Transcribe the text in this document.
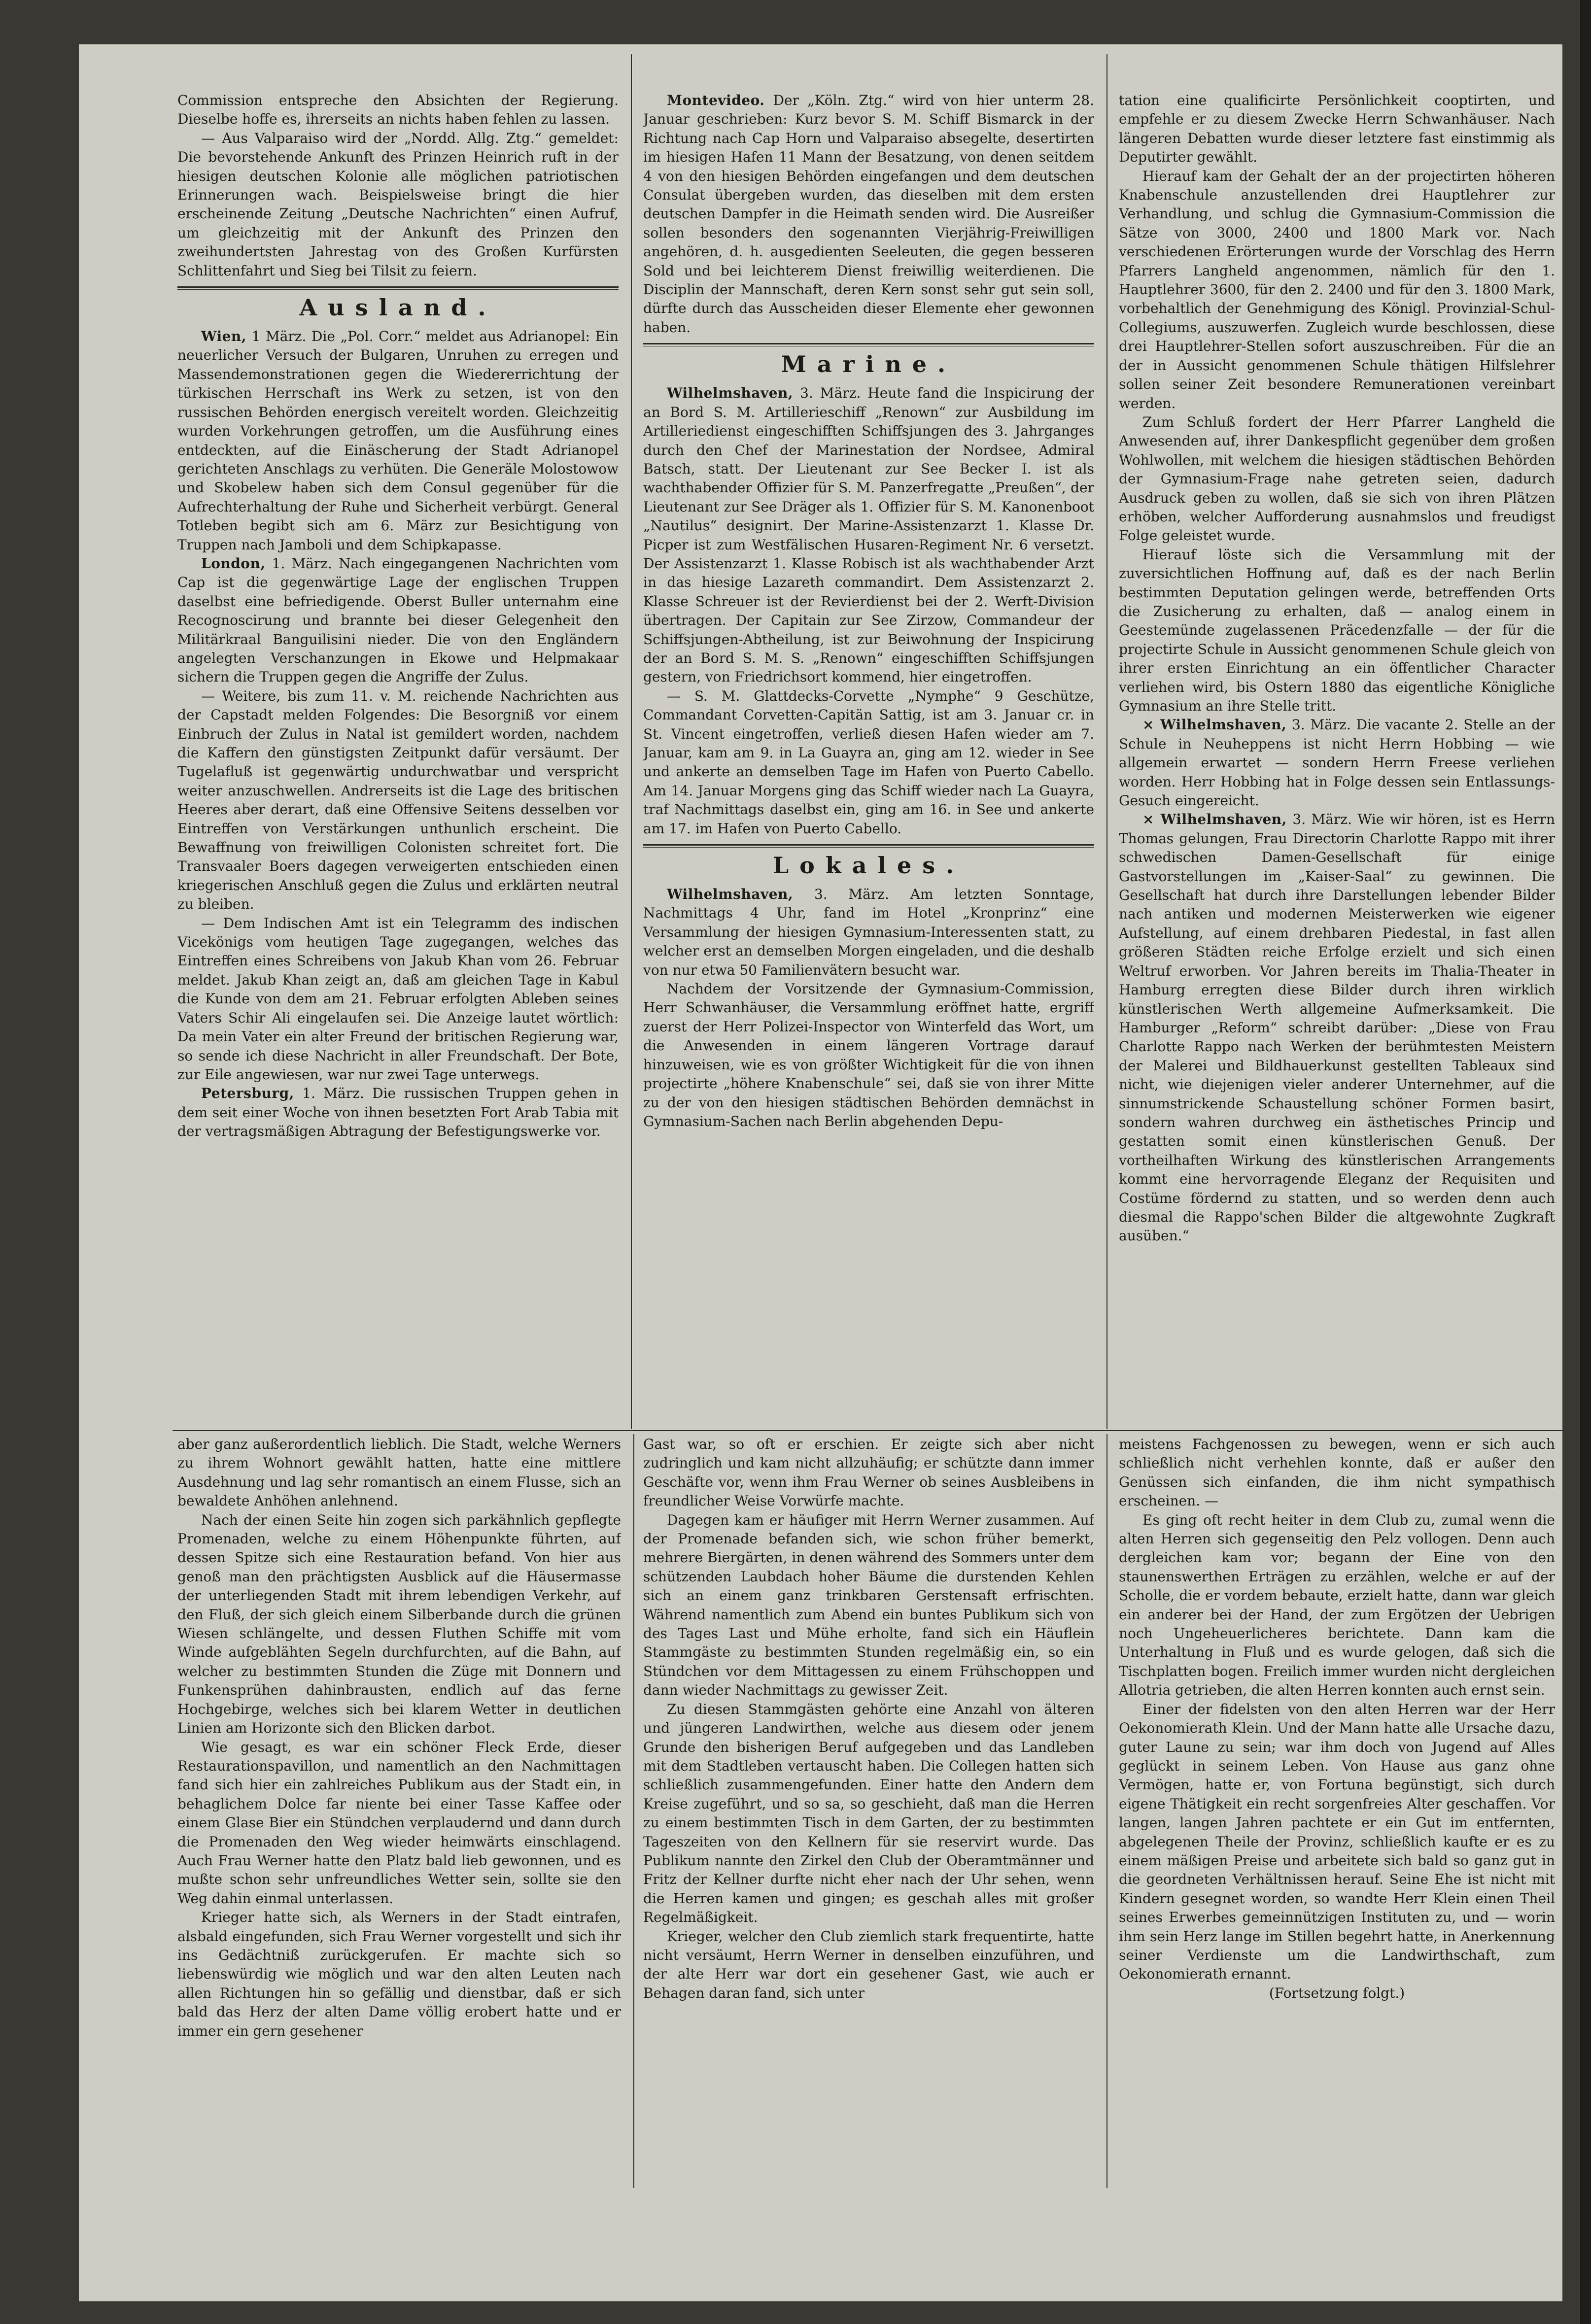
Commission entspreche den Absichten der Regierung. Dieselbe hoffe es, ihrerseits an nichts haben fehlen zu lassen.

— Aus Valparaiso wird der „Nordd. Allg. Ztg.“ gemeldet: Die bevorstehende Ankunft des Prinzen Heinrich ruft in der hiesigen deutschen Kolonie alle möglichen patriotischen Erinnerungen wach. Beispielsweise bringt die hier erscheinende Zeitung „Deutsche Nachrichten“ einen Aufruf, um gleichzeitig mit der Ankunft des Prinzen den zweihundertsten Jahrestag von des Großen Kurfürsten Schlittenfahrt und Sieg bei Tilsit zu feiern.

Ausland.

Wien, 1 März. Die „Pol. Corr.“ meldet aus Adrianopel: Ein neuerlicher Versuch der Bulgaren, Unruhen zu erregen und Massendemonstrationen gegen die Wiedererrichtung der türkischen Herrschaft ins Werk zu setzen, ist von den russischen Behörden energisch vereitelt worden. Gleichzeitig wurden Vorkehrungen getroffen, um die Ausführung eines entdeckten, auf die Einäscherung der Stadt Adrianopel gerichteten Anschlags zu verhüten. Die Generäle Molostowow und Skobelew haben sich dem Consul gegenüber für die Aufrechterhaltung der Ruhe und Sicherheit verbürgt. General Totleben begibt sich am 6. März zur Besichtigung von Truppen nach Jamboli und dem Schipkapasse.

London, 1. März. Nach eingegangenen Nachrichten vom Cap ist die gegenwärtige Lage der englischen Truppen daselbst eine befriedigende. Oberst Buller unternahm eine Recognoscirung und brannte bei dieser Gelegenheit den Militärkraal Banguilisini nieder. Die von den Engländern angelegten Verschanzungen in Ekowe und Helpmakaar sichern die Truppen gegen die Angriffe der Zulus.

— Weitere, bis zum 11. v. M. reichende Nachrichten aus der Capstadt melden Folgendes: Die Besorgniß vor einem Einbruch der Zulus in Natal ist gemildert worden, nachdem die Kaffern den günstigsten Zeitpunkt dafür versäumt. Der Tugelafluß ist gegenwärtig undurchwatbar und verspricht weiter anzuschwellen. Andrerseits ist die Lage des britischen Heeres aber derart, daß eine Offensive Seitens desselben vor Eintreffen von Verstärkungen unthunlich erscheint. Die Bewaffnung von freiwilligen Colonisten schreitet fort. Die Transvaaler Boers dagegen verweigerten entschieden einen kriegerischen Anschluß gegen die Zulus und erklärten neutral zu bleiben.

— Dem Indischen Amt ist ein Telegramm des indischen Vicekönigs vom heutigen Tage zugegangen, welches das Eintreffen eines Schreibens von Jakub Khan vom 26. Februar meldet. Jakub Khan zeigt an, daß am gleichen Tage in Kabul die Kunde von dem am 21. Februar erfolgten Ableben seines Vaters Schir Ali eingelaufen sei. Die Anzeige lautet wörtlich: Da mein Vater ein alter Freund der britischen Regierung war, so sende ich diese Nachricht in aller Freundschaft. Der Bote, zur Eile angewiesen, war nur zwei Tage unterwegs.

Petersburg, 1. März. Die russischen Truppen gehen in dem seit einer Woche von ihnen besetzten Fort Arab Tabia mit der vertragsmäßigen Abtragung der Befestigungswerke vor.

Montevideo. Der „Köln. Ztg.“ wird von hier unterm 28. Januar geschrieben: Kurz bevor S. M. Schiff Bismarck in der Richtung nach Cap Horn und Valparaiso absegelte, desertirten im hiesigen Hafen 11 Mann der Besatzung, von denen seitdem 4 von den hiesigen Behörden eingefangen und dem deutschen Consulat übergeben wurden, das dieselben mit dem ersten deutschen Dampfer in die Heimath senden wird. Die Ausreißer sollen besonders den sogenannten Vierjährig-Freiwilligen angehören, d. h. ausgedienten Seeleuten, die gegen besseren Sold und bei leichterem Dienst freiwillig weiterdienen. Die Disciplin der Mannschaft, deren Kern sonst sehr gut sein soll, dürfte durch das Ausscheiden dieser Elemente eher gewonnen haben.

Marine.

Wilhelmshaven, 3. März. Heute fand die Inspicirung der an Bord S. M. Artillerieschiff „Renown“ zur Ausbildung im Artilleriedienst eingeschifften Schiffsjungen des 3. Jahrganges durch den Chef der Marinestation der Nordsee, Admiral Batsch, statt. Der Lieutenant zur See Becker I. ist als wachthabender Offizier für S. M. Panzerfregatte „Preußen“, der Lieutenant zur See Dräger als 1. Offizier für S. M. Kanonenboot „Nautilus“ designirt. Der Marine-Assistenzarzt 1. Klasse Dr. Picper ist zum Westfälischen Husaren-Regiment Nr. 6 versetzt. Der Assistenzarzt 1. Klasse Robisch ist als wachthabender Arzt in das hiesige Lazareth commandirt. Dem Assistenzarzt 2. Klasse Schreuer ist der Revierdienst bei der 2. Werft-Division übertragen. Der Capitain zur See Zirzow, Commandeur der Schiffsjungen-Abtheilung, ist zur Beiwohnung der Inspicirung der an Bord S. M. S. „Renown“ eingeschifften Schiffsjungen gestern, von Friedrichsort kommend, hier eingetroffen.

— S. M. Glattdecks-Corvette „Nymphe“ 9 Geschütze, Commandant Corvetten-Capitän Sattig, ist am 3. Januar cr. in St. Vincent eingetroffen, verließ diesen Hafen wieder am 7. Januar, kam am 9. in La Guayra an, ging am 12. wieder in See und ankerte an demselben Tage im Hafen von Puerto Cabello. Am 14. Januar Morgens ging das Schiff wieder nach La Guayra, traf Nachmittags daselbst ein, ging am 16. in See und ankerte am 17. im Hafen von Puerto Cabello.

Lokales.

Wilhelmshaven, 3. März. Am letzten Sonntage, Nachmittags 4 Uhr, fand im Hotel „Kronprinz“ eine Versammlung der hiesigen Gymnasium-Interessenten statt, zu welcher erst an demselben Morgen eingeladen, und die deshalb von nur etwa 50 Familienvätern besucht war.

Nachdem der Vorsitzende der Gymnasium-Commission, Herr Schwanhäuser, die Versammlung eröffnet hatte, ergriff zuerst der Herr Polizei-Inspector von Winterfeld das Wort, um die Anwesenden in einem längeren Vortrage darauf hinzuweisen, wie es von größter Wichtigkeit für die von ihnen projectirte „höhere Knabenschule“ sei, daß sie von ihrer Mitte zu der von den hiesigen städtischen Behörden demnächst in Gymnasium-Sachen nach Berlin abgehenden Depu-

tation eine qualificirte Persönlichkeit cooptirten, und empfehle er zu diesem Zwecke Herrn Schwanhäuser. Nach längeren Debatten wurde dieser letztere fast einstimmig als Deputirter gewählt.

Hierauf kam der Gehalt der an der projectirten höheren Knabenschule anzustellenden drei Hauptlehrer zur Verhandlung, und schlug die Gymnasium-Commission die Sätze von 3000, 2400 und 1800 Mark vor. Nach verschiedenen Erörterungen wurde der Vorschlag des Herrn Pfarrers Langheld angenommen, nämlich für den 1. Hauptlehrer 3600, für den 2. 2400 und für den 3. 1800 Mark, vorbehaltlich der Genehmigung des Königl. Provinzial-Schul-Collegiums, auszuwerfen. Zugleich wurde beschlossen, diese drei Hauptlehrer-Stellen sofort auszuschreiben. Für die an der in Aussicht genommenen Schule thätigen Hilfslehrer sollen seiner Zeit besondere Remunerationen vereinbart werden.

Zum Schluß fordert der Herr Pfarrer Langheld die Anwesenden auf, ihrer Dankespflicht gegenüber dem großen Wohlwollen, mit welchem die hiesigen städtischen Behörden der Gymnasium-Frage nahe getreten seien, dadurch Ausdruck geben zu wollen, daß sie sich von ihren Plätzen erhöben, welcher Aufforderung ausnahmslos und freudigst Folge geleistet wurde.

Hierauf löste sich die Versammlung mit der zuversichtlichen Hoffnung auf, daß es der nach Berlin bestimmten Deputation gelingen werde, betreffenden Orts die Zusicherung zu erhalten, daß — analog einem in Geestemünde zugelassenen Präcedenzfalle — der für die projectirte Schule in Aussicht genommenen Schule gleich von ihrer ersten Einrichtung an ein öffentlicher Character verliehen wird, bis Ostern 1880 das eigentliche Königliche Gymnasium an ihre Stelle tritt.

× Wilhelmshaven, 3. März. Die vacante 2. Stelle an der Schule in Neuheppens ist nicht Herrn Hobbing — wie allgemein erwartet — sondern Herrn Freese verliehen worden. Herr Hobbing hat in Folge dessen sein Entlassungs-Gesuch eingereicht.

× Wilhelmshaven, 3. März. Wie wir hören, ist es Herrn Thomas gelungen, Frau Directorin Charlotte Rappo mit ihrer schwedischen Damen-Gesellschaft für einige Gastvorstellungen im „Kaiser-Saal“ zu gewinnen. Die Gesellschaft hat durch ihre Darstellungen lebender Bilder nach antiken und modernen Meisterwerken wie eigener Aufstellung, auf einem drehbaren Piedestal, in fast allen größeren Städten reiche Erfolge erzielt und sich einen Weltruf erworben. Vor Jahren bereits im Thalia-Theater in Hamburg erregten diese Bilder durch ihren wirklich künstlerischen Werth allgemeine Aufmerksamkeit. Die Hamburger „Reform“ schreibt darüber: „Diese von Frau Charlotte Rappo nach Werken der berühmtesten Meistern der Malerei und Bildhauerkunst gestellten Tableaux sind nicht, wie diejenigen vieler anderer Unternehmer, auf die sinnumstrickende Schaustellung schöner Formen basirt, sondern wahren durchweg ein ästhetisches Princip und gestatten somit einen künstlerischen Genuß. Der vortheilhaften Wirkung des künstlerischen Arrangements kommt eine hervorragende Eleganz der Requisiten und Costüme fördernd zu statten, und so werden denn auch diesmal die Rappo'schen Bilder die altgewohnte Zugkraft ausüben.“

aber ganz außerordentlich lieblich. Die Stadt, welche Werners zu ihrem Wohnort gewählt hatten, hatte eine mittlere Ausdehnung und lag sehr romantisch an einem Flusse, sich an bewaldete Anhöhen anlehnend.

Nach der einen Seite hin zogen sich parkähnlich gepflegte Promenaden, welche zu einem Höhenpunkte führten, auf dessen Spitze sich eine Restauration befand. Von hier aus genoß man den prächtigsten Ausblick auf die Häusermasse der unterliegenden Stadt mit ihrem lebendigen Verkehr, auf den Fluß, der sich gleich einem Silberbande durch die grünen Wiesen schlängelte, und dessen Fluthen Schiffe mit vom Winde aufgeblähten Segeln durchfurchten, auf die Bahn, auf welcher zu bestimmten Stunden die Züge mit Donnern und Funkensprühen dahinbrausten, endlich auf das ferne Hochgebirge, welches sich bei klarem Wetter in deutlichen Linien am Horizonte sich den Blicken darbot.

Wie gesagt, es war ein schöner Fleck Erde, dieser Restaurationspavillon, und namentlich an den Nachmittagen fand sich hier ein zahlreiches Publikum aus der Stadt ein, in behaglichem Dolce far niente bei einer Tasse Kaffee oder einem Glase Bier ein Stündchen verplaudernd und dann durch die Promenaden den Weg wieder heimwärts einschlagend. Auch Frau Werner hatte den Platz bald lieb gewonnen, und es mußte schon sehr unfreundliches Wetter sein, sollte sie den Weg dahin einmal unterlassen.

Krieger hatte sich, als Werners in der Stadt eintrafen, alsbald eingefunden, sich Frau Werner vorgestellt und sich ihr ins Gedächtniß zurückgerufen. Er machte sich so liebenswürdig wie möglich und war den alten Leuten nach allen Richtungen hin so gefällig und dienstbar, daß er sich bald das Herz der alten Dame völlig erobert hatte und er immer ein gern gesehener

Gast war, so oft er erschien. Er zeigte sich aber nicht zudringlich und kam nicht allzuhäufig; er schützte dann immer Geschäfte vor, wenn ihm Frau Werner ob seines Ausbleibens in freundlicher Weise Vorwürfe machte.

Dagegen kam er häufiger mit Herrn Werner zusammen. Auf der Promenade befanden sich, wie schon früher bemerkt, mehrere Biergärten, in denen während des Sommers unter dem schützenden Laubdach hoher Bäume die durstenden Kehlen sich an einem ganz trinkbaren Gerstensaft erfrischten. Während namentlich zum Abend ein buntes Publikum sich von des Tages Last und Mühe erholte, fand sich ein Häuflein Stammgäste zu bestimmten Stunden regelmäßig ein, so ein Stündchen vor dem Mittagessen zu einem Frühschoppen und dann wieder Nachmittags zu gewisser Zeit.

Zu diesen Stammgästen gehörte eine Anzahl von älteren und jüngeren Landwirthen, welche aus diesem oder jenem Grunde den bisherigen Beruf aufgegeben und das Landleben mit dem Stadtleben vertauscht haben. Die Collegen hatten sich schließlich zusammengefunden. Einer hatte den Andern dem Kreise zugeführt, und so sa, so geschieht, daß man die Herren zu einem bestimmten Tisch in dem Garten, der zu bestimmten Tageszeiten von den Kellnern für sie reservirt wurde. Das Publikum nannte den Zirkel den Club der Oberamtmänner und Fritz der Kellner durfte nicht eher nach der Uhr sehen, wenn die Herren kamen und gingen; es geschah alles mit großer Regelmäßigkeit.

Krieger, welcher den Club ziemlich stark frequentirte, hatte nicht versäumt, Herrn Werner in denselben einzuführen, und der alte Herr war dort ein gesehener Gast, wie auch er Behagen daran fand, sich unter

meistens Fachgenossen zu bewegen, wenn er sich auch schließlich nicht verhehlen konnte, daß er außer den Genüssen sich einfanden, die ihm nicht sympathisch erscheinen. —

Es ging oft recht heiter in dem Club zu, zumal wenn die alten Herren sich gegenseitig den Pelz vollogen. Denn auch dergleichen kam vor; begann der Eine von den staunenswerthen Erträgen zu erzählen, welche er auf der Scholle, die er vordem bebaute, erzielt hatte, dann war gleich ein anderer bei der Hand, der zum Ergötzen der Uebrigen noch Ungeheuerlicheres berichtete. Dann kam die Unterhaltung in Fluß und es wurde gelogen, daß sich die Tischplatten bogen. Freilich immer wurden nicht dergleichen Allotria getrieben, die alten Herren konnten auch ernst sein.

Einer der fidelsten von den alten Herren war der Herr Oekonomierath Klein. Und der Mann hatte alle Ursache dazu, guter Laune zu sein; war ihm doch von Jugend auf Alles geglückt in seinem Leben. Von Hause aus ganz ohne Vermögen, hatte er, von Fortuna begünstigt, sich durch eigene Thätigkeit ein recht sorgenfreies Alter geschaffen. Vor langen, langen Jahren pachtete er ein Gut im entfernten, abgelegenen Theile der Provinz, schließlich kaufte er es zu einem mäßigen Preise und arbeitete sich bald so ganz gut in die geordneten Verhältnissen herauf. Seine Ehe ist nicht mit Kindern gesegnet worden, so wandte Herr Klein einen Theil seines Erwerbes gemeinnützigen Instituten zu, und — worin ihm sein Herz lange im Stillen begehrt hatte, in Anerkennung seiner Verdienste um die Landwirthschaft, zum Oekonomierath ernannt.

(Fortsetzung folgt.)
